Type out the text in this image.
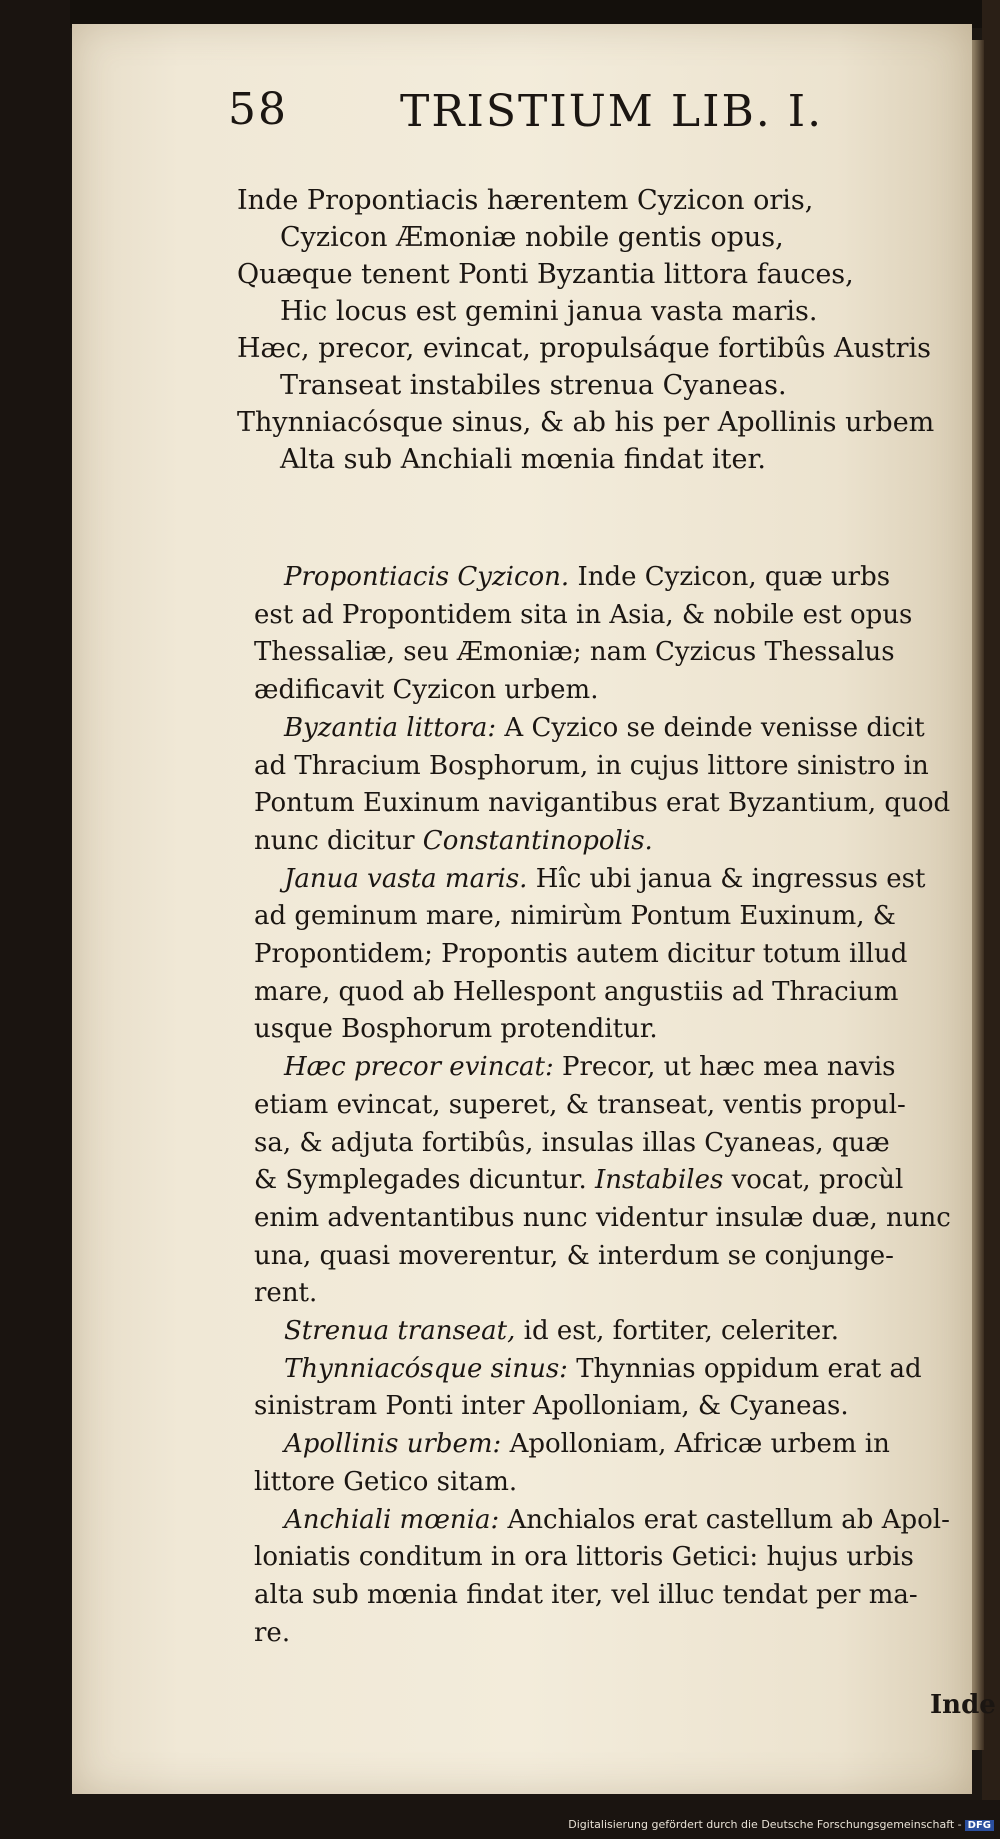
58	TRISTIUM LIB. I.
Inde Propontiacis hærentem Cyzicon oris,
Cyzicon Æmoniæ nobile gentis opus,
Quæque tenent Ponti Byzantia littora fauces,
Hic locus est gemini janua vasta maris.
Hæc, precor, evincat, propulsáque fortibûs Austris
Transeat instabiles strenua Cyaneas.
Thynniacósque sinus, & ab his per Apollinis urbem
Alta sub Anchiali mœnia findat iter.
Propontiacis Cyzicon. Inde Cyzicon, quæ urbs
est ad Propontidem sita in Asia, & nobile est opus
Thessaliæ, seu Æmoniæ; nam Cyzicus Thessalus
ædificavit Cyzicon urbem.
Byzantia littora: A Cyzico se deinde venisse dicit
ad Thracium Bosphorum, in cujus littore sinistro in
Pontum Euxinum navigantibus erat Byzantium, quod
nunc dicitur Constantinopolis.
Janua vasta maris. Hîc ubi janua & ingressus est
ad geminum mare, nimirùm Pontum Euxinum, &
Propontidem; Propontis autem dicitur totum illud
mare, quod ab Hellespont angustiis ad Thracium
usque Bosphorum protenditur.
Hæc precor evincat: Precor, ut hæc mea navis
etiam evincat, superet, & transeat, ventis propul-
sa, & adjuta fortibûs, insulas illas Cyaneas, quæ
& Symplegades dicuntur. Instabiles vocat, procùl
enim adventantibus nunc videntur insulæ duæ, nunc
una, quasi moverentur, & interdum se conjunge-
rent.
Strenua transeat, id est, fortiter, celeriter.
Thynniacósque sinus: Thynnias oppidum erat ad
sinistram Ponti inter Apolloniam, & Cyaneas.
Apollinis urbem: Apolloniam, Africæ urbem in
littore Getico sitam.
Anchiali mœnia: Anchialos erat castellum ab Apol-
loniatis conditum in ora littoris Getici: hujus urbis
alta sub mœnia findat iter, vel illuc tendat per ma-
re.
Inde
Digitalisierung gefördert durch die Deutsche Forschungsgemeinschaft - DFG
